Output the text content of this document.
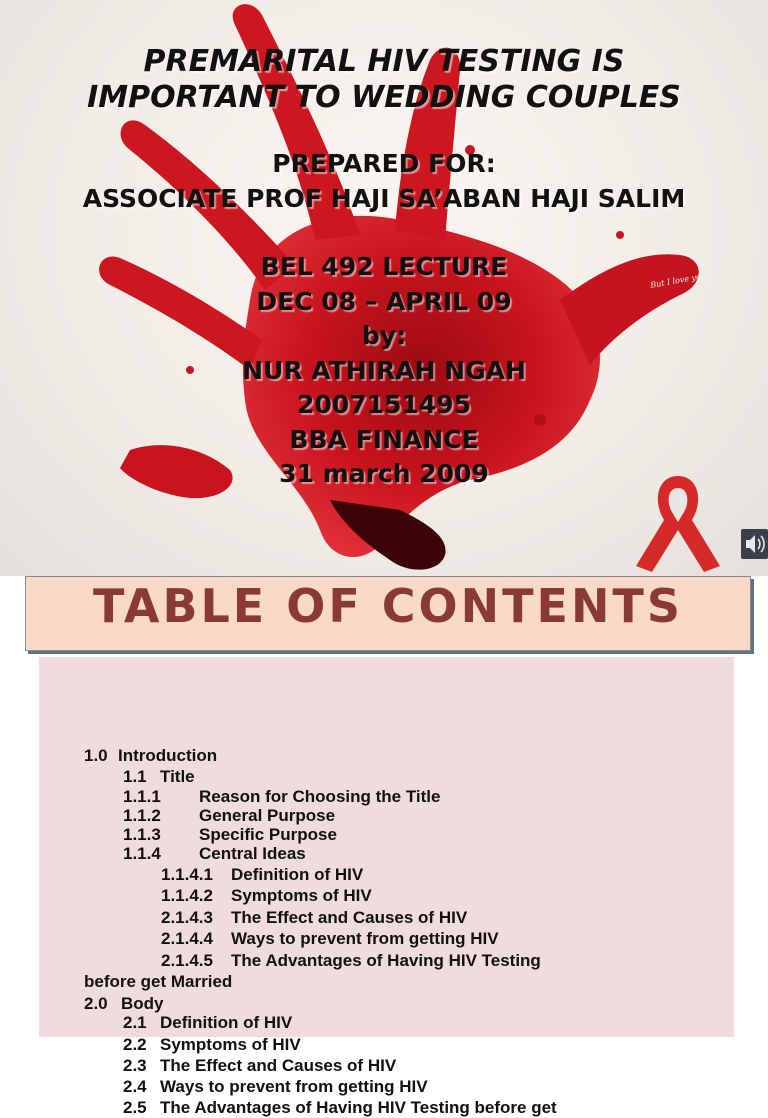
But I love you
PREMARITAL HIV TESTING IS
IMPORTANT TO WEDDING COUPLES
PREPARED FOR:
ASSOCIATE PROF HAJI SA’ABAN HAJI SALIM
BEL 492 LECTURE
DEC 08 – APRIL 09
by:
NUR ATHIRAH NGAH
2007151495
BBA FINANCE
31 march 2009
TABLE OF CONTENTS
1.0 Introduction
1.1 Title
1.1.1 Reason for Choosing the Title
1.1.2 General Purpose
1.1.3 Specific Purpose
1.1.4 Central Ideas
1.1.4.1 Definition of HIV
1.1.4.2 Symptoms of HIV
2.1.4.3 The Effect and Causes of HIV
2.1.4.4 Ways to prevent from getting HIV
2.1.4.5 The Advantages of Having HIV Testing
before get Married
2.0 Body
2.1 Definition of HIV
2.2 Symptoms of HIV
2.3 The Effect and Causes of HIV
2.4 Ways to prevent from getting HIV
2.5 The Advantages of Having HIV Testing before get
